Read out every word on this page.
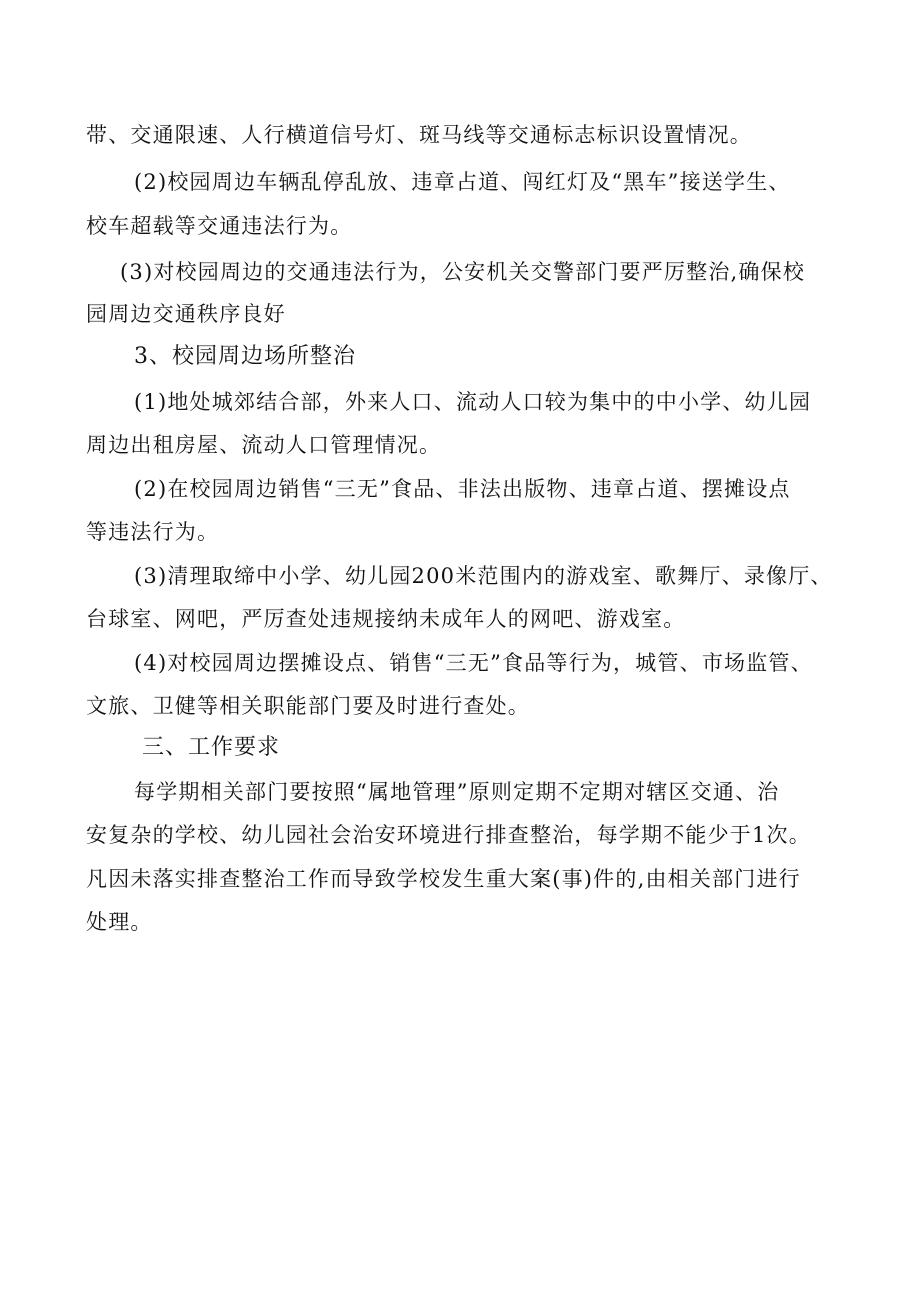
带、交通限速、人行横道信号灯、斑马线等交通标志标识设置情况。
(2)校园周边车辆乱停乱放、违章占道、闯红灯及“黑车”接送学生、
校车超载等交通违法行为。
(3)对校园周边的交通违法行为，公安机关交警部门要严厉整治,确保校
园周边交通秩序良好
3、校园周边场所整治
(1)地处城郊结合部，外来人口、流动人口较为集中的中小学、幼儿园
周边出租房屋、流动人口管理情况。
(2)在校园周边销售“三无”食品、非法出版物、违章占道、摆摊设点
等违法行为。
(3)清理取缔中小学、幼儿园200米范围内的游戏室、歌舞厅、录像厅、
台球室、网吧，严厉查处违规接纳未成年人的网吧、游戏室。
(4)对校园周边摆摊设点、销售“三无”食品等行为，城管、市场监管、
文旅、卫健等相关职能部门要及时进行查处。
三、工作要求
每学期相关部门要按照“属地管理”原则定期不定期对辖区交通、治
安复杂的学校、幼儿园社会治安环境进行排查整治，每学期不能少于1次。
凡因未落实排查整治工作而导致学校发生重大案(事)件的,由相关部门进行
处理。
